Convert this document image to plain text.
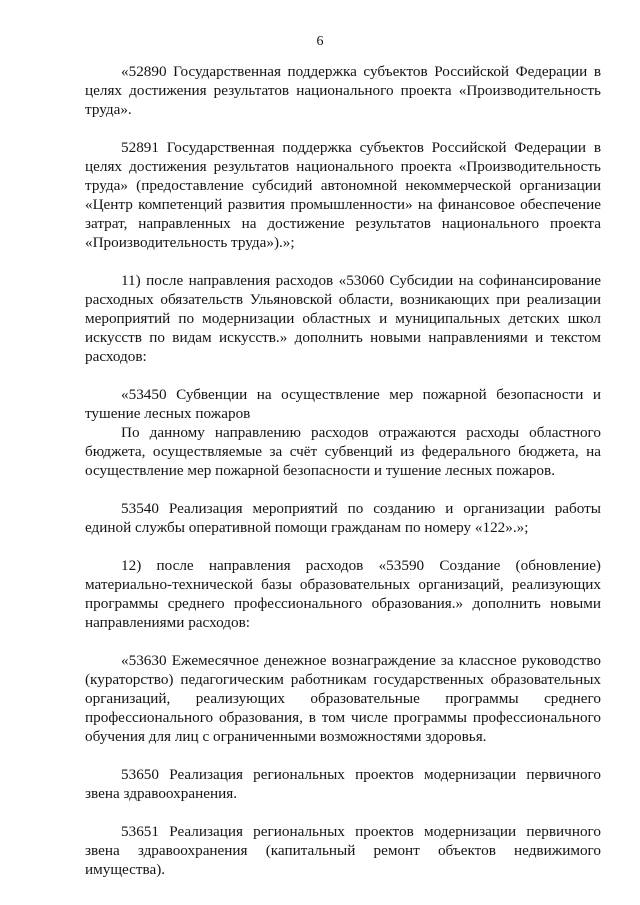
6

«52890 Государственная поддержка субъектов Российской Федерации в целях достижения результатов национального проекта «Производительность труда».

52891 Государственная поддержка субъектов Российской Федерации в целях достижения результатов национального проекта «Производительность труда» (предоставление субсидий автономной некоммерческой организации «Центр компетенций развития промышленности» на финансовое обеспечение затрат, направленных на достижение результатов национального проекта «Производительность труда»).»;

11) после направления расходов «53060 Субсидии на софинансирование расходных обязательств Ульяновской области, возникающих при реализации мероприятий по модернизации областных и муниципальных детских школ искусств по видам искусств.» дополнить новыми направлениями и текстом расходов:

«53450 Субвенции на осуществление мер пожарной безопасности и тушение лесных пожаров

По данному направлению расходов отражаются расходы областного бюджета, осуществляемые за счёт субвенций из федерального бюджета, на осуществление мер пожарной безопасности и тушение лесных пожаров.

53540 Реализация мероприятий по созданию и организации работы единой службы оперативной помощи гражданам по номеру «122».»;

12) после направления расходов «53590 Создание (обновление) материально-технической базы образовательных организаций, реализующих программы среднего профессионального образования.» дополнить новыми направлениями расходов:

«53630 Ежемесячное денежное вознаграждение за классное руководство (кураторство) педагогическим работникам государственных образовательных организаций, реализующих образовательные программы среднего профессионального образования, в том числе программы профессионального обучения для лиц с ограниченными возможностями здоровья.

53650 Реализация региональных проектов модернизации первичного звена здравоохранения.

53651 Реализация региональных проектов модернизации первичного звена здравоохранения (капитальный ремонт объектов недвижимого имущества).
